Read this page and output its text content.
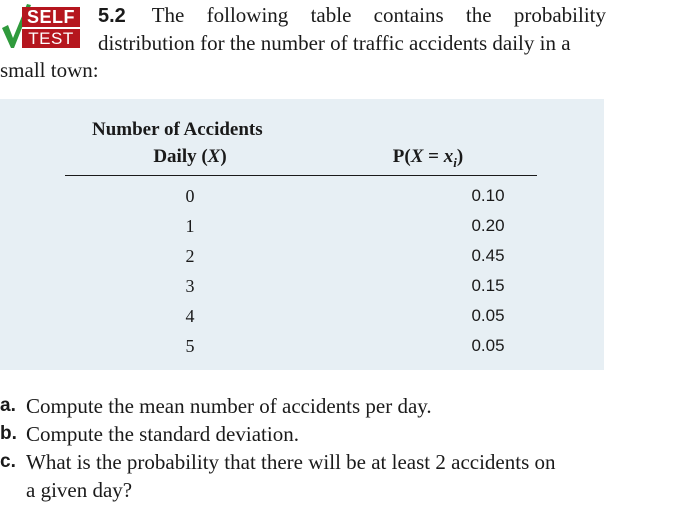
SELF
TEST
5.2 The following table contains the probability
distribution for the number of traffic accidents daily in a
small town:
Number of Accidents
Daily (X)	$P(X = x_i)$
0	0.10
1	0.20
2	0.45
3	0.15
4	0.05
5	0.05
a. Compute the mean number of accidents per day.
b. Compute the standard deviation.
c. What is the probability that there will be at least 2 accidents on
a given day?
